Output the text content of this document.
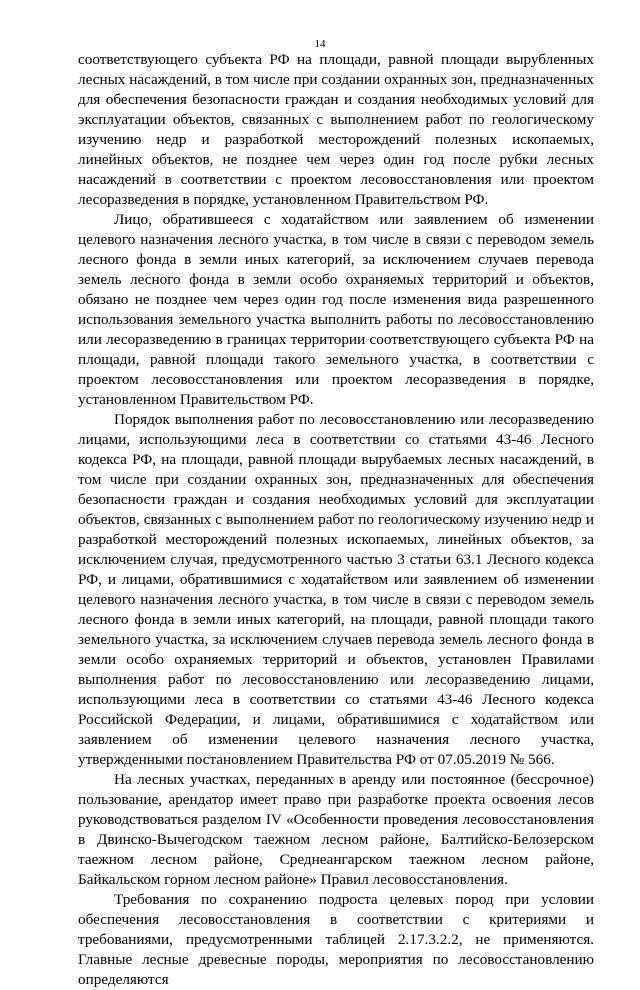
14

соответствующего субъекта РФ на площади, равной площади вырубленных лесных насаждений, в том числе при создании охранных зон, предназначенных для обеспечения безопасности граждан и создания необходимых условий для эксплуатации объектов, связанных с выполнением работ по геологическому изучению недр и разработкой месторождений полезных ископаемых, линейных объектов, не позднее чем через один год после рубки лесных насаждений в соответствии с проектом лесовосстановления или проектом лесоразведения в порядке, установленном Правительством РФ.

Лицо, обратившееся с ходатайством или заявлением об изменении целевого назначения лесного участка, в том числе в связи с переводом земель лесного фонда в земли иных категорий, за исключением случаев перевода земель лесного фонда в земли особо охраняемых территорий и объектов, обязано не позднее чем через один год после изменения вида разрешенного использования земельного участка выполнить работы по лесовосстановлению или лесоразведению в границах территории соответствующего субъекта РФ на площади, равной площади такого земельного участка, в соответствии с проектом лесовосстановления или проектом лесоразведения в порядке, установленном Правительством РФ.

Порядок выполнения работ по лесовосстановлению или лесоразведению лицами, использующими леса в соответствии со статьями 43-46 Лесного кодекса РФ, на площади, равной площади вырубаемых лесных насаждений, в том числе при создании охранных зон, предназначенных для обеспечения безопасности граждан и создания необходимых условий для эксплуатации объектов, связанных с выполнением работ по геологическому изучению недр и разработкой месторождений полезных ископаемых, линейных объектов, за исключением случая, предусмотренного частью 3 статьи 63.1 Лесного кодекса РФ, и лицами, обратившимися с ходатайством или заявлением об изменении целевого назначения лесного участка, в том числе в связи с переводом земель лесного фонда в земли иных категорий, на площади, равной площади такого земельного участка, за исключением случаев перевода земель лесного фонда в земли особо охраняемых территорий и объектов, установлен Правилами выполнения работ по лесовосстановлению или лесоразведению лицами, использующими леса в соответствии со статьями 43-46 Лесного кодекса Российской Федерации, и лицами, обратившимися с ходатайством или заявлением об изменении целевого назначения лесного участка, утвержденными постановлением Правительства РФ от 07.05.2019 № 566.

На лесных участках, переданных в аренду или постоянное (бессрочное) пользование, арендатор имеет право при разработке проекта освоения лесов руководствоваться разделом IV «Особенности проведения лесовосстановления в Двинско-Вычегодском таежном лесном районе, Балтийско-Белозерском таежном лесном районе, Среднеангарском таежном лесном районе, Байкальском горном лесном районе» Правил лесовосстановления.

Требования по сохранению подроста целевых пород при условии обеспечения лесовосстановления в соответствии с критериями и требованиями, предусмотренными таблицей 2.17.3.2.2, не применяются. Главные лесные древесные породы, мероприятия по лесовосстановлению определяются
